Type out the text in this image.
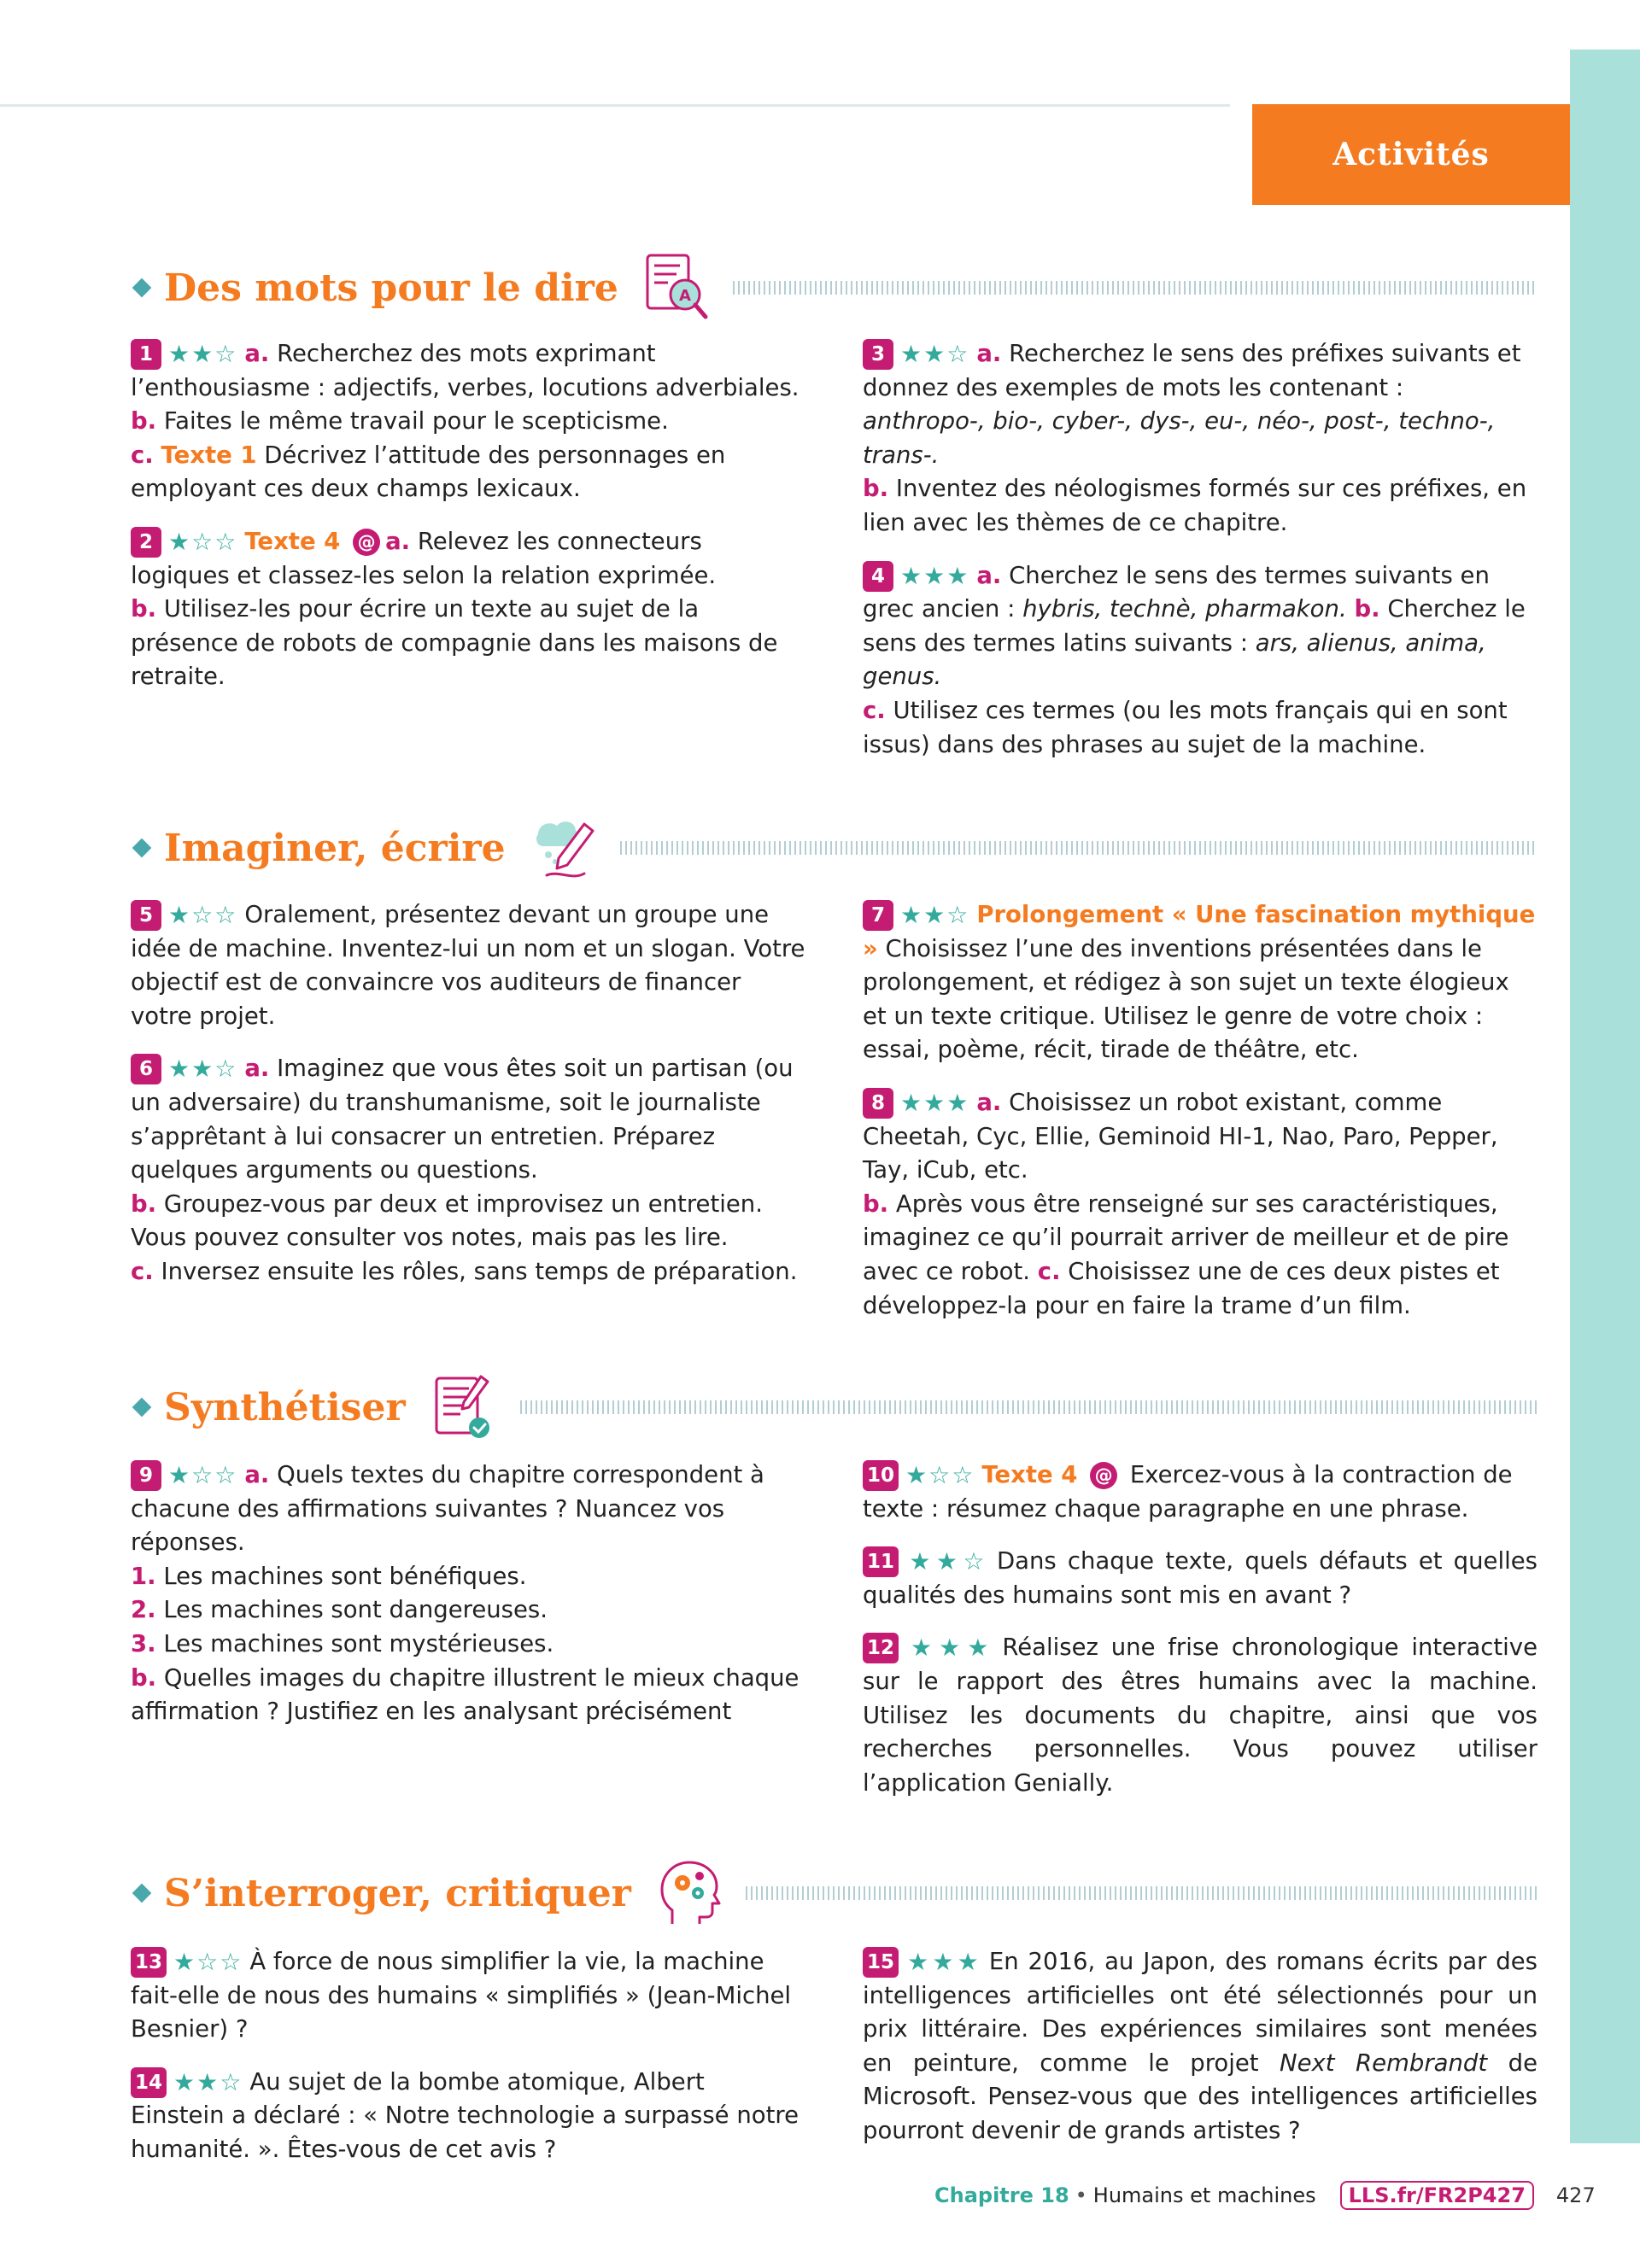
Activités
Des mots pour le dire	A

1 ★★☆ a. Recherchez des mots exprimant l’enthousiasme : adjectifs, verbes, locutions adverbiales.

b. Faites le même travail pour le scepticisme.

c. Texte 1 Décrivez l’attitude des personnages en employant ces deux champs lexicaux.

2 ★☆☆ Texte 4 @ a. Relevez les connecteurs logiques et classez-les selon la relation exprimée.

b. Utilisez-les pour écrire un texte au sujet de la présence de robots de compagnie dans les maisons de retraite.

3 ★★☆ a. Recherchez le sens des préfixes suivants et donnez des exemples de mots les contenant :

anthropo-, bio-, cyber-, dys-, eu-, néo-, post-, techno-, trans-.

b. Inventez des néologismes formés sur ces préfixes, en lien avec les thèmes de ce chapitre.

4 ★★★ a. Cherchez le sens des termes suivants en grec ancien : hybris, technè, pharmakon. b. Cherchez le sens des termes latins suivants : ars, alienus, anima, genus.

c. Utilisez ces termes (ou les mots français qui en sont issus) dans des phrases au sujet de la machine.

Imaginer, écrire

5 ★☆☆ Oralement, présentez devant un groupe une idée de machine. Inventez-lui un nom et un slogan. Votre objectif est de convaincre vos auditeurs de financer votre projet.

6 ★★☆ a. Imaginez que vous êtes soit un partisan (ou un adversaire) du transhumanisme, soit le journaliste s’apprêtant à lui consacrer un entretien. Préparez quelques arguments ou questions.

b. Groupez-vous par deux et improvisez un entretien. Vous pouvez consulter vos notes, mais pas les lire.

c. Inversez ensuite les rôles, sans temps de préparation.

7 ★★☆ Prolongement « Une fascination mythique » Choisissez l’une des inventions présentées dans le prolongement, et rédigez à son sujet un texte élogieux et un texte critique. Utilisez le genre de votre choix : essai, poème, récit, tirade de théâtre, etc.

8 ★★★ a. Choisissez un robot existant, comme Cheetah, Cyc, Ellie, Geminoid HI-1, Nao, Paro, Pepper, Tay, iCub, etc.

b. Après vous être renseigné sur ses caractéristiques, imaginez ce qu’il pourrait arriver de meilleur et de pire avec ce robot. c. Choisissez une de ces deux pistes et développez-la pour en faire la trame d’un film.

Synthétiser

9 ★☆☆ a. Quels textes du chapitre correspondent à chacune des affirmations suivantes ? Nuancez vos réponses.

1. Les machines sont bénéfiques.

2. Les machines sont dangereuses.

3. Les machines sont mystérieuses.

b. Quelles images du chapitre illustrent le mieux chaque affirmation ? Justifiez en les analysant précisément

10 ★☆☆ Texte 4 @ Exercez-vous à la contraction de texte : résumez chaque paragraphe en une phrase.

11 ★★☆ Dans chaque texte, quels défauts et quelles qualités des humains sont mis en avant ?

12 ★★★ Réalisez une frise chronologique interactive sur le rapport des êtres humains avec la machine. Utilisez les documents du chapitre, ainsi que vos recherches personnelles. Vous pouvez utiliser l’application Genially.

S’interroger, critiquer

13 ★☆☆ À force de nous simplifier la vie, la machine fait-elle de nous des humains « simplifiés » (Jean-Michel Besnier) ?

14 ★★☆ Au sujet de la bombe atomique, Albert Einstein a déclaré : « Notre technologie a surpassé notre humanité. ». Êtes-vous de cet avis ?

15 ★★★ En 2016, au Japon, des romans écrits par des intelligences artificielles ont été sélectionnés pour un prix littéraire. Des expériences similaires sont menées en peinture, comme le projet Next Rembrandt de Microsoft. Pensez-vous que des intelligences artificielles pourront devenir de grands artistes ?

Chapitre 18 • Humains et machines	LLS.fr/FR2P427	427
